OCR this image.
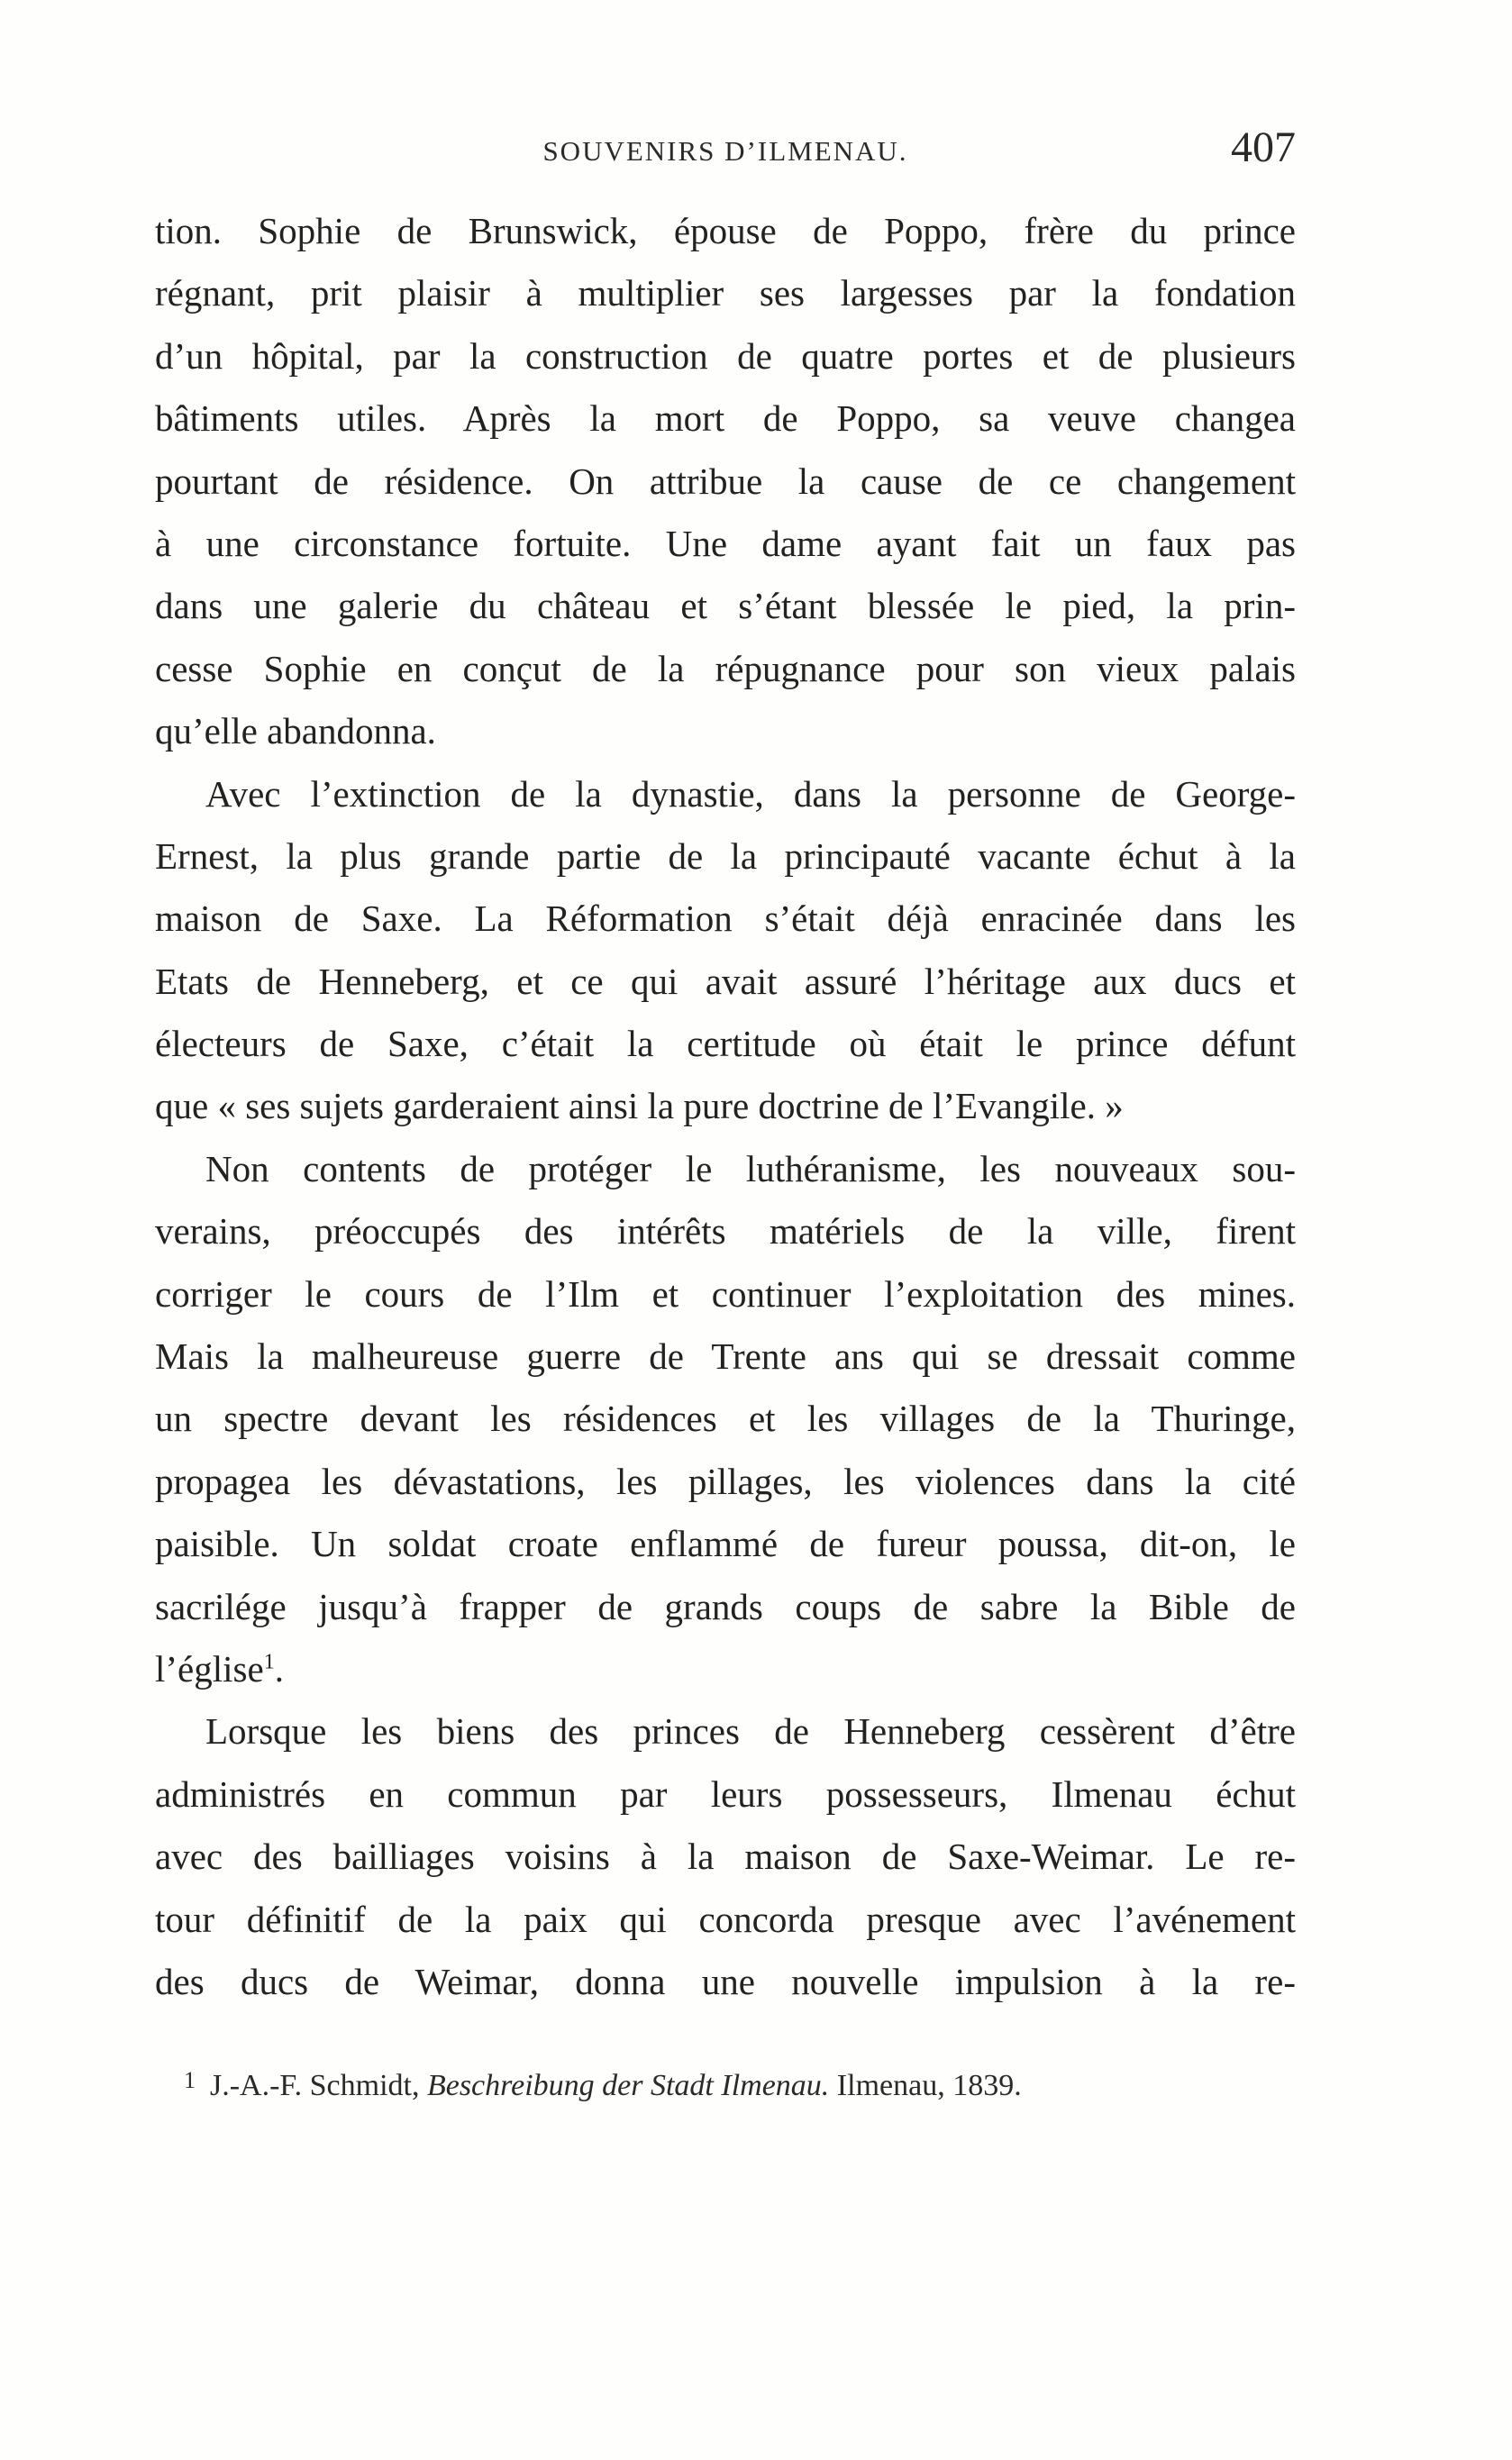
SOUVENIRS D’ILMENAU.	407
tion. Sophie de Brunswick, épouse de Poppo, frère du prince
régnant, prit plaisir à multiplier ses largesses par la fondation
d’un hôpital, par la construction de quatre portes et de plusieurs
bâtiments utiles. Après la mort de Poppo, sa veuve changea
pourtant de résidence. On attribue la cause de ce changement
à une circonstance fortuite. Une dame ayant fait un faux pas
dans une galerie du château et s’étant blessée le pied, la prin-
cesse Sophie en conçut de la répugnance pour son vieux palais
qu’elle abandonna.
Avec l’extinction de la dynastie, dans la personne de George-
Ernest, la plus grande partie de la principauté vacante échut à la
maison de Saxe. La Réformation s’était déjà enracinée dans les
Etats de Henneberg, et ce qui avait assuré l’héritage aux ducs et
électeurs de Saxe, c’était la certitude où était le prince défunt
que « ses sujets garderaient ainsi la pure doctrine de l’Evangile. »
Non contents de protéger le luthéranisme, les nouveaux sou-
verains, préoccupés des intérêts matériels de la ville, firent
corriger le cours de l’Ilm et continuer l’exploitation des mines.
Mais la malheureuse guerre de Trente ans qui se dressait comme
un spectre devant les résidences et les villages de la Thuringe,
propagea les dévastations, les pillages, les violences dans la cité
paisible. Un soldat croate enflammé de fureur poussa, dit-on, le
sacrilége jusqu’à frapper de grands coups de sabre la Bible de
l’église$^1$.
Lorsque les biens des princes de Henneberg cessèrent d’être
administrés en commun par leurs possesseurs, Ilmenau échut
avec des bailliages voisins à la maison de Saxe-Weimar. Le re-
tour définitif de la paix qui concorda presque avec l’avénement
des ducs de Weimar, donna une nouvelle impulsion à la re-
$^1$ J.-A.-F. Schmidt, Beschreibung der Stadt Ilmenau. Ilmenau, 1839.
